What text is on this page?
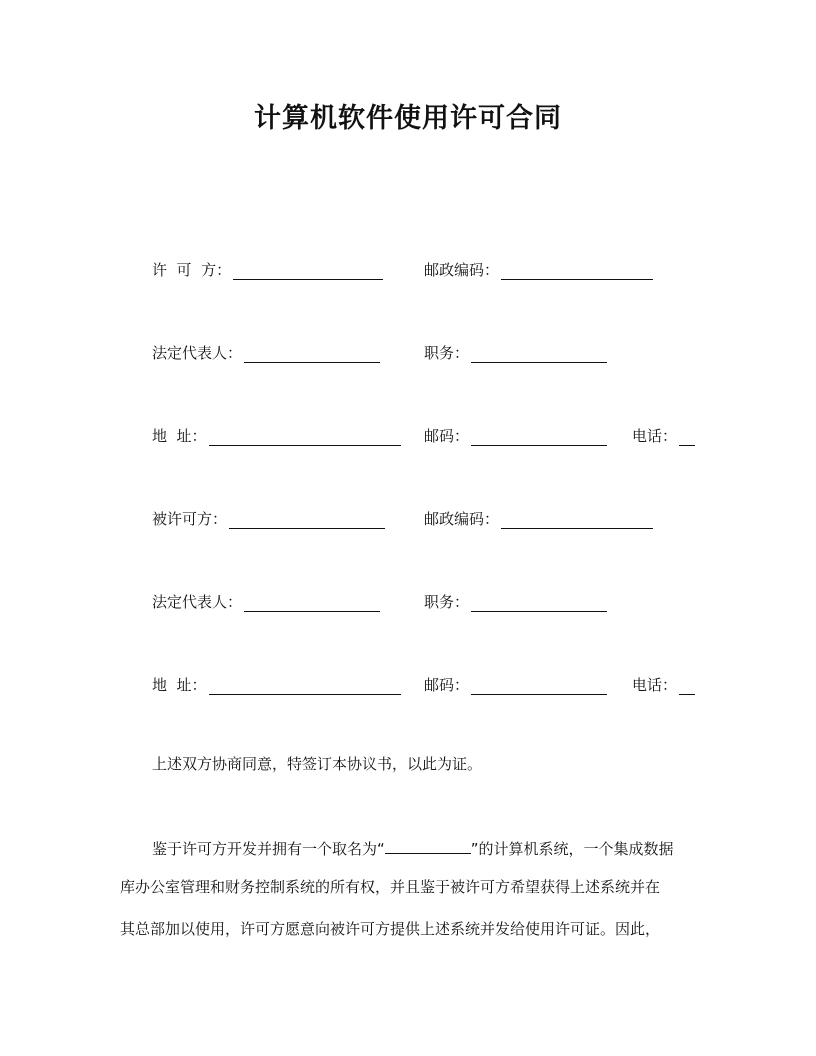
计算机软件使用许可合同
许  可  方：	邮政编码：
法定代表人：	职务：
地  址：	邮码：	电话：
被许可方：	邮政编码：
法定代表人：	职务：
地  址：	邮码：	电话：
上述双方协商同意，特签订本协议书，以此为证。
鉴于许可方开发并拥有一个取名为“	”的计算机系统，一个集成数据
库办公室管理和财务控制系统的所有权，并且鉴于被许可方希望获得上述系统并在
其总部加以使用，许可方愿意向被许可方提供上述系统并发给使用许可证。因此，
